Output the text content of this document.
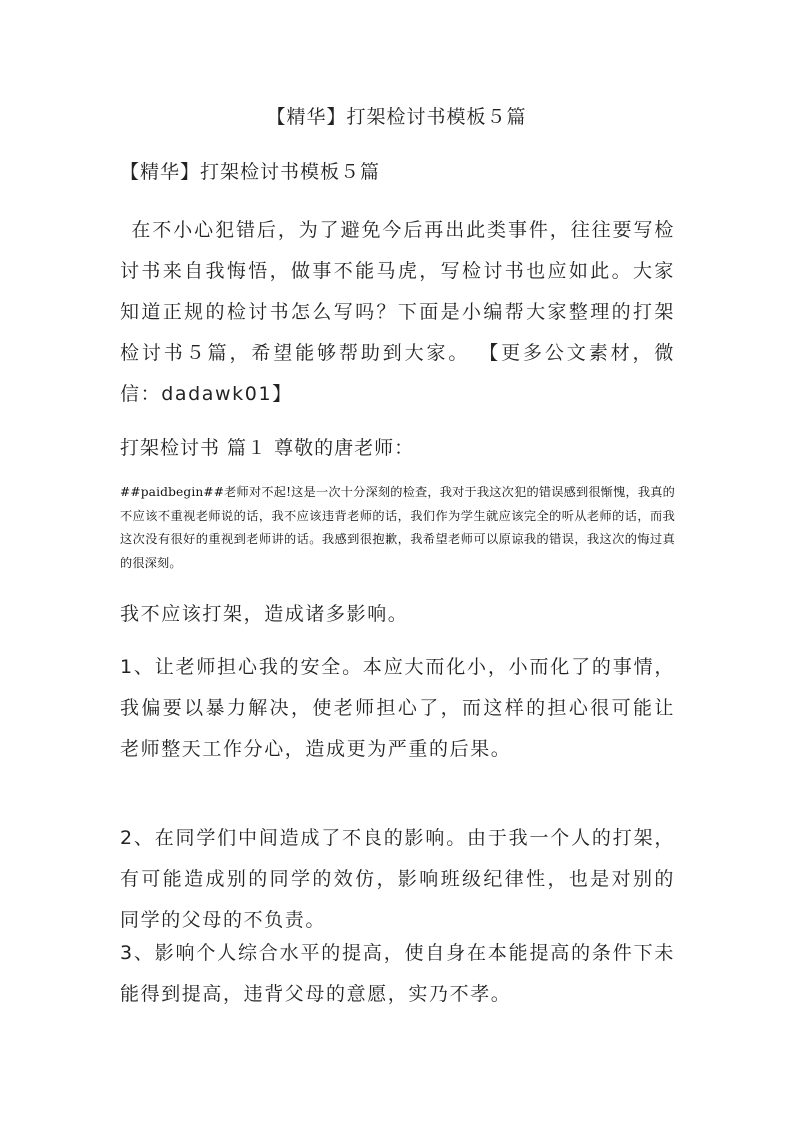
【精华】打架检讨书模板５篇
【精华】打架检讨书模板５篇

在不小心犯错后，为了避免今后再出此类事件，往往要写检讨书来自我悔悟，做事不能马虎，写检讨书也应如此。大家知道正规的检讨书怎么写吗？下面是小编帮大家整理的打架检讨书５篇，希望能够帮助到大家。 【更多公文素材，微信：dadawk01】

打架检讨书 篇１ 尊敬的唐老师：

##paidbegin##老师对不起!这是一次十分深刻的检查，我对于我这次犯的错误感到很惭愧，我真的不应该不重视老师说的话，我不应该违背老师的话，我们作为学生就应该完全的听从老师的话，而我这次没有很好的重视到老师讲的话。我感到很抱歉，我希望老师可以原谅我的错误，我这次的悔过真的很深刻。

我不应该打架，造成诸多影响。

1、让老师担心我的安全。本应大而化小，小而化了的事情，我偏要以暴力解决，使老师担心了，而这样的担心很可能让老师整天工作分心，造成更为严重的后果。

2、在同学们中间造成了不良的影响。由于我一个人的打架，有可能造成别的同学的效仿，影响班级纪律性，也是对别的同学的父母的不负责。

3、影响个人综合水平的提高，使自身在本能提高的条件下未能得到提高，违背父母的意愿，实乃不孝。
